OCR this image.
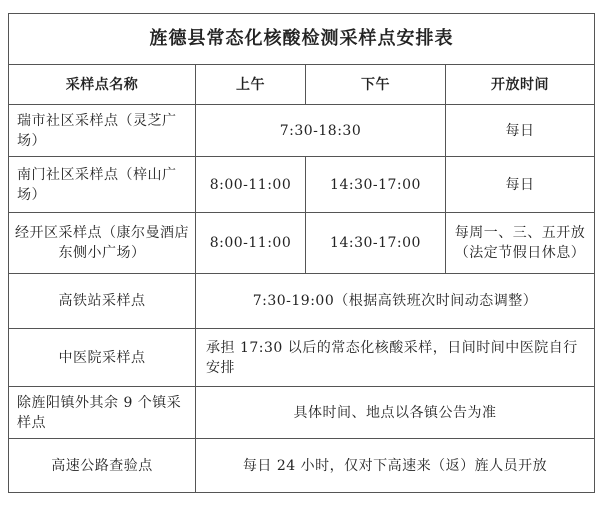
旌德县常态化核酸检测采样点安排表			
采样点名称	上午	下午	开放时间
瑞市社区采样点（灵芝广场）	7:30-18:30		每日
南门社区采样点（梓山广场）	8:00-11:00	14:30-17:00	每日
经开区采样点（康尔曼酒店东侧小广场）	8:00-11:00	14:30-17:00	每周一、三、五开放（法定节假日休息）
高铁站采样点	7:30-19:00（根据高铁班次时间动态调整）		
中医院采样点	承担 17:30 以后的常态化核酸采样，日间时间中医院自行安排		
除旌阳镇外其余 9 个镇采样点	具体时间、地点以各镇公告为准		
高速公路查验点	每日 24 小时，仅对下高速来（返）旌人员开放		
